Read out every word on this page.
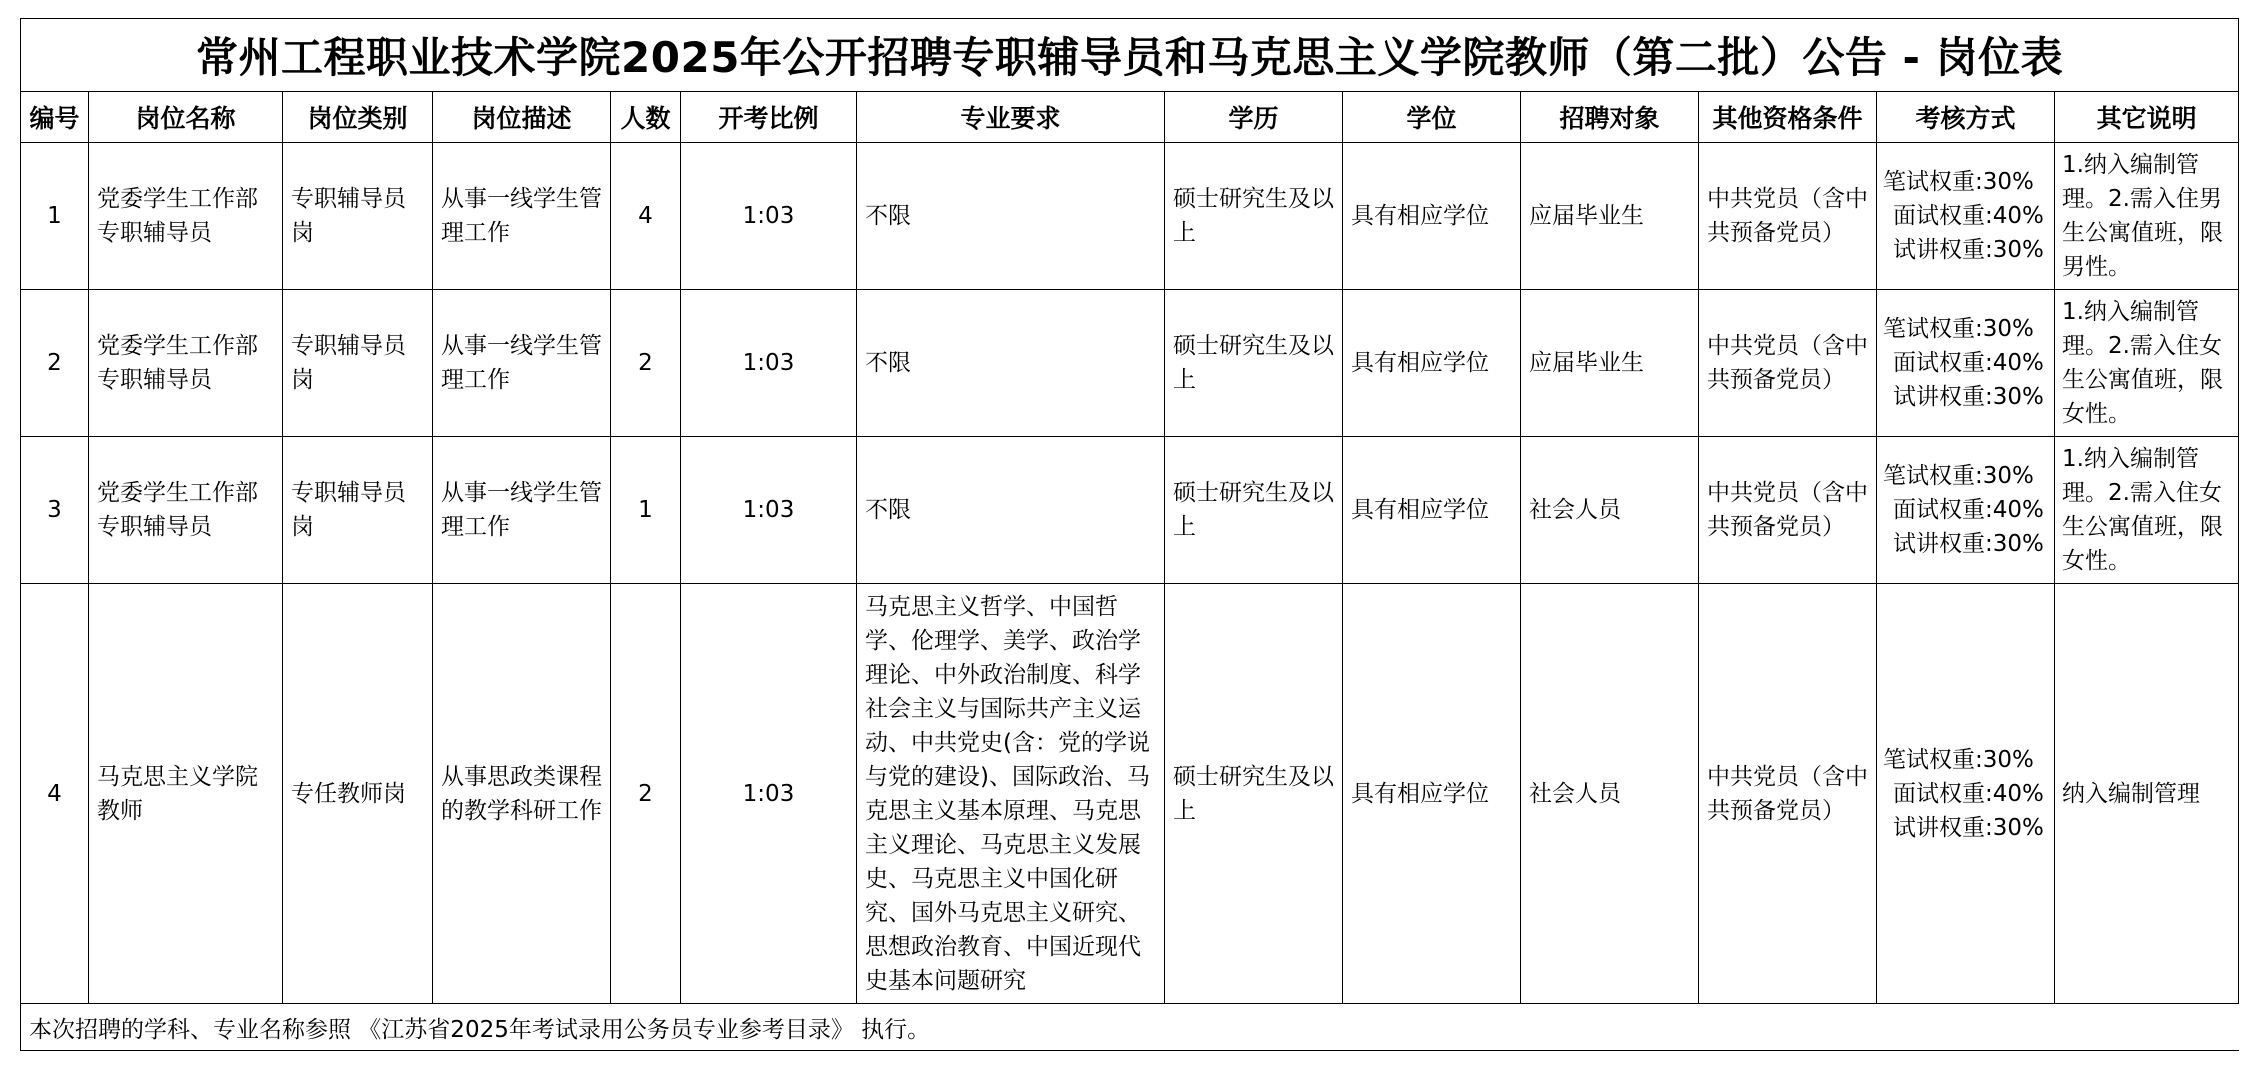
常州工程职业技术学院2025年公开招聘专职辅导员和马克思主义学院教师（第二批）公告 - 岗位表												
编号	岗位名称	岗位类别	岗位描述	人数	开考比例	专业要求	学历	学位	招聘对象	其他资格条件	考核方式	其它说明
1	党委学生工作部专职辅导员	专职辅导员岗	从事一线学生管理工作	4	1:03	不限	硕士研究生及以上	具有相应学位	应届毕业生	中共党员（含中共预备党员）	笔试权重:30%
面试权重:40%
试讲权重:30%	1.纳入编制管理。2.需入住男生公寓值班，限男性。
2	党委学生工作部专职辅导员	专职辅导员岗	从事一线学生管理工作	2	1:03	不限	硕士研究生及以上	具有相应学位	应届毕业生	中共党员（含中共预备党员）	笔试权重:30%
面试权重:40%
试讲权重:30%	1.纳入编制管理。2.需入住女生公寓值班，限女性。
3	党委学生工作部专职辅导员	专职辅导员岗	从事一线学生管理工作	1	1:03	不限	硕士研究生及以上	具有相应学位	社会人员	中共党员（含中共预备党员）	笔试权重:30%
面试权重:40%
试讲权重:30%	1.纳入编制管理。2.需入住女生公寓值班，限女性。
4	马克思主义学院教师	专任教师岗	从事思政类课程的教学科研工作	2	1:03	马克思主义哲学、中国哲学、伦理学、美学、政治学理论、中外政治制度、科学社会主义与国际共产主义运动、中共党史(含：党的学说与党的建设)、国际政治、马克思主义基本原理、马克思主义理论、马克思主义发展史、马克思主义中国化研究、国外马克思主义研究、思想政治教育、中国近现代史基本问题研究	硕士研究生及以上	具有相应学位	社会人员	中共党员（含中共预备党员）	笔试权重:30%
面试权重:40%
试讲权重:30%	纳入编制管理
本次招聘的学科、专业名称参照 《江苏省2025年考试录用公务员专业参考目录》 执行。												
